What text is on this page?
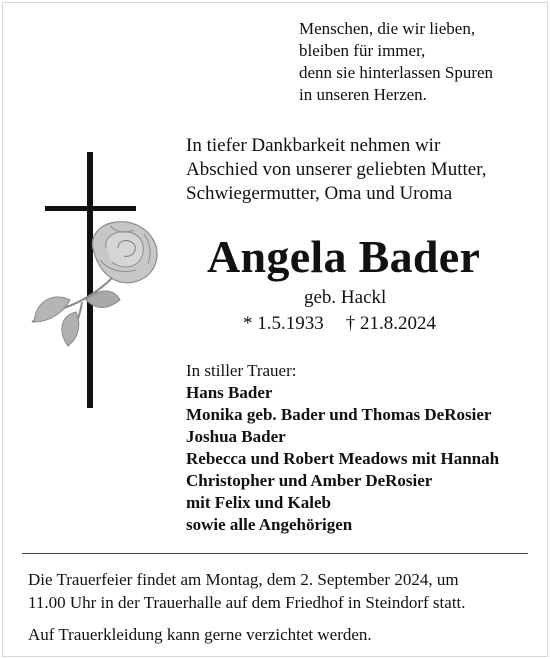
Menschen, die wir lieben,
bleiben für immer,
denn sie hinterlassen Spuren
in unseren Herzen.
In tiefer Dankbarkeit nehmen wir
Abschied von unserer geliebten Mutter,
Schwiegermutter, Oma und Uroma
Angela Bader
geb. Hackl
* 1.5.1933 † 21.8.2024
In stiller Trauer:
Hans Bader
Monika geb. Bader und Thomas DeRosier
Joshua Bader
Rebecca und Robert Meadows mit Hannah
Christopher und Amber DeRosier
mit Felix und Kaleb
sowie alle Angehörigen
Die Trauerfeier findet am Montag, dem 2. September 2024, um
11.00 Uhr in der Trauerhalle auf dem Friedhof in Steindorf statt.
Auf Trauerkleidung kann gerne verzichtet werden.
